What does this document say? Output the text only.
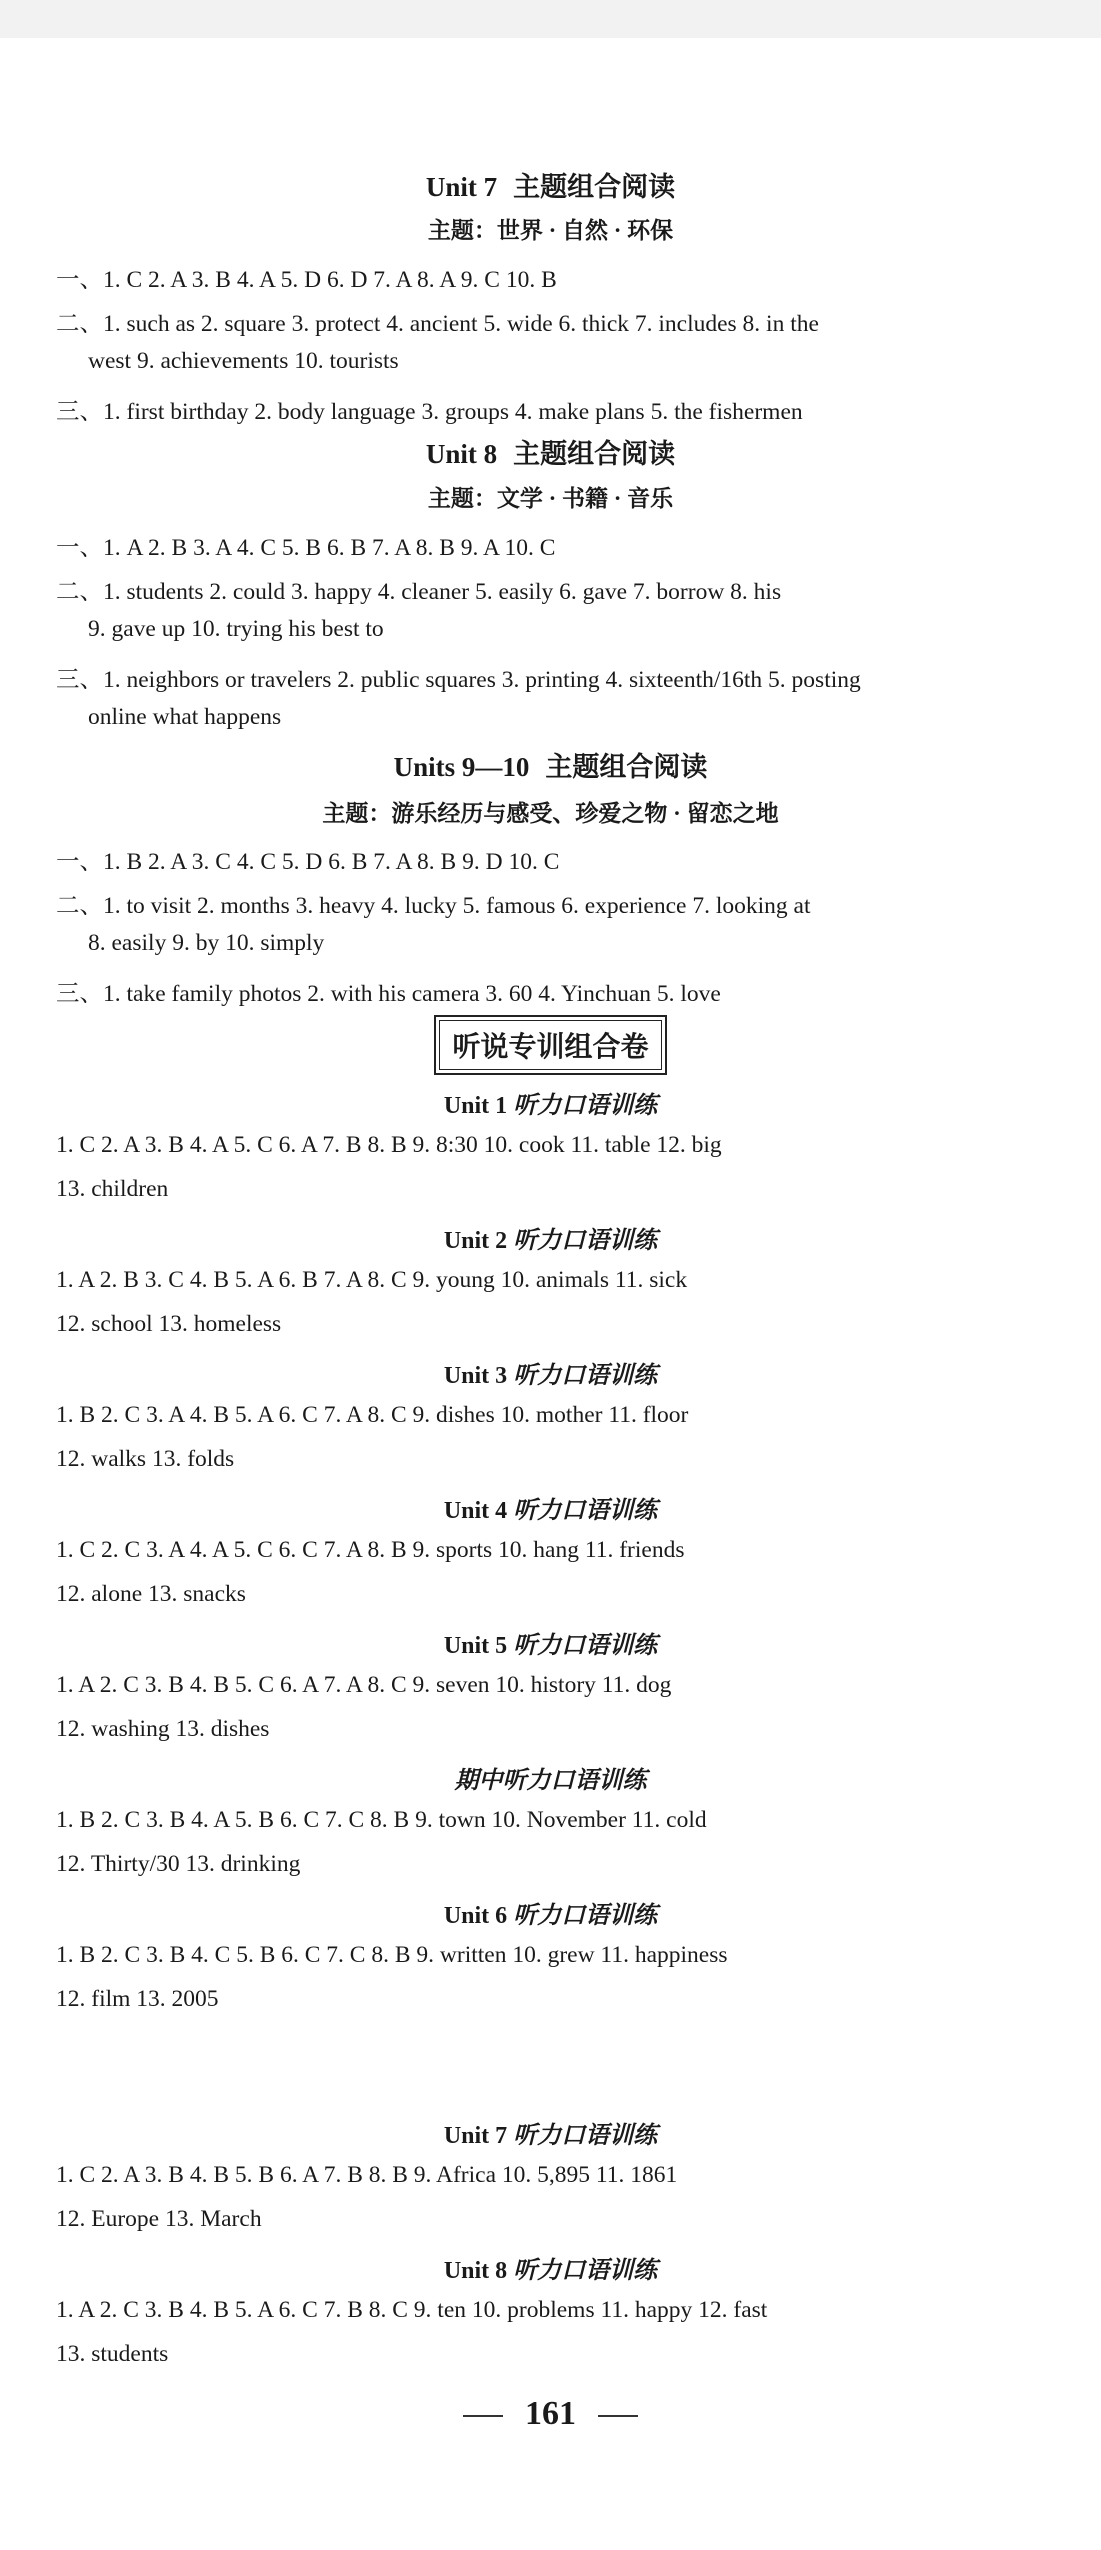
Unit 7 主题组合阅读
主题：世界 · 自然 · 环保
一、1. C 2. A 3. B 4. A 5. D 6. D 7. A 8. A 9. C 10. B
二、1. such as 2. square 3. protect 4. ancient 5. wide 6. thick 7. includes 8. in the
west 9. achievements 10. tourists
三、1. first birthday 2. body language 3. groups 4. make plans 5. the fishermen
Unit 8 主题组合阅读
主题：文学 · 书籍 · 音乐
一、1. A 2. B 3. A 4. C 5. B 6. B 7. A 8. B 9. A 10. C
二、1. students 2. could 3. happy 4. cleaner 5. easily 6. gave 7. borrow 8. his
9. gave up 10. trying his best to
三、1. neighbors or travelers 2. public squares 3. printing 4. sixteenth/16th 5. posting
online what happens
Units 9—10 主题组合阅读
主题：游乐经历与感受、珍爱之物 · 留恋之地
一、1. B 2. A 3. C 4. C 5. D 6. B 7. A 8. B 9. D 10. C
二、1. to visit 2. months 3. heavy 4. lucky 5. famous 6. experience 7. looking at
8. easily 9. by 10. simply
三、1. take family photos 2. with his camera 3. 60 4. Yinchuan 5. love
听说专训组合卷
Unit 1 听力口语训练
1. C 2. A 3. B 4. A 5. C 6. A 7. B 8. B 9. 8:30 10. cook 11. table 12. big
13. children
Unit 2 听力口语训练
1. A 2. B 3. C 4. B 5. A 6. B 7. A 8. C 9. young 10. animals 11. sick
12. school 13. homeless
Unit 3 听力口语训练
1. B 2. C 3. A 4. B 5. A 6. C 7. A 8. C 9. dishes 10. mother 11. floor
12. walks 13. folds
Unit 4 听力口语训练
1. C 2. C 3. A 4. A 5. C 6. C 7. A 8. B 9. sports 10. hang 11. friends
12. alone 13. snacks
Unit 5 听力口语训练
1. A 2. C 3. B 4. B 5. C 6. A 7. A 8. C 9. seven 10. history 11. dog
12. washing 13. dishes
期中听力口语训练
1. B 2. C 3. B 4. A 5. B 6. C 7. C 8. B 9. town 10. November 11. cold
12. Thirty/30 13. drinking
Unit 6 听力口语训练
1. B 2. C 3. B 4. C 5. B 6. C 7. C 8. B 9. written 10. grew 11. happiness
12. film 13. 2005
Unit 7 听力口语训练
1. C 2. A 3. B 4. B 5. B 6. A 7. B 8. B 9. Africa 10. 5,895 11. 1861
12. Europe 13. March
Unit 8 听力口语训练
1. A 2. C 3. B 4. B 5. A 6. C 7. B 8. C 9. ten 10. problems 11. happy 12. fast
13. students
161
